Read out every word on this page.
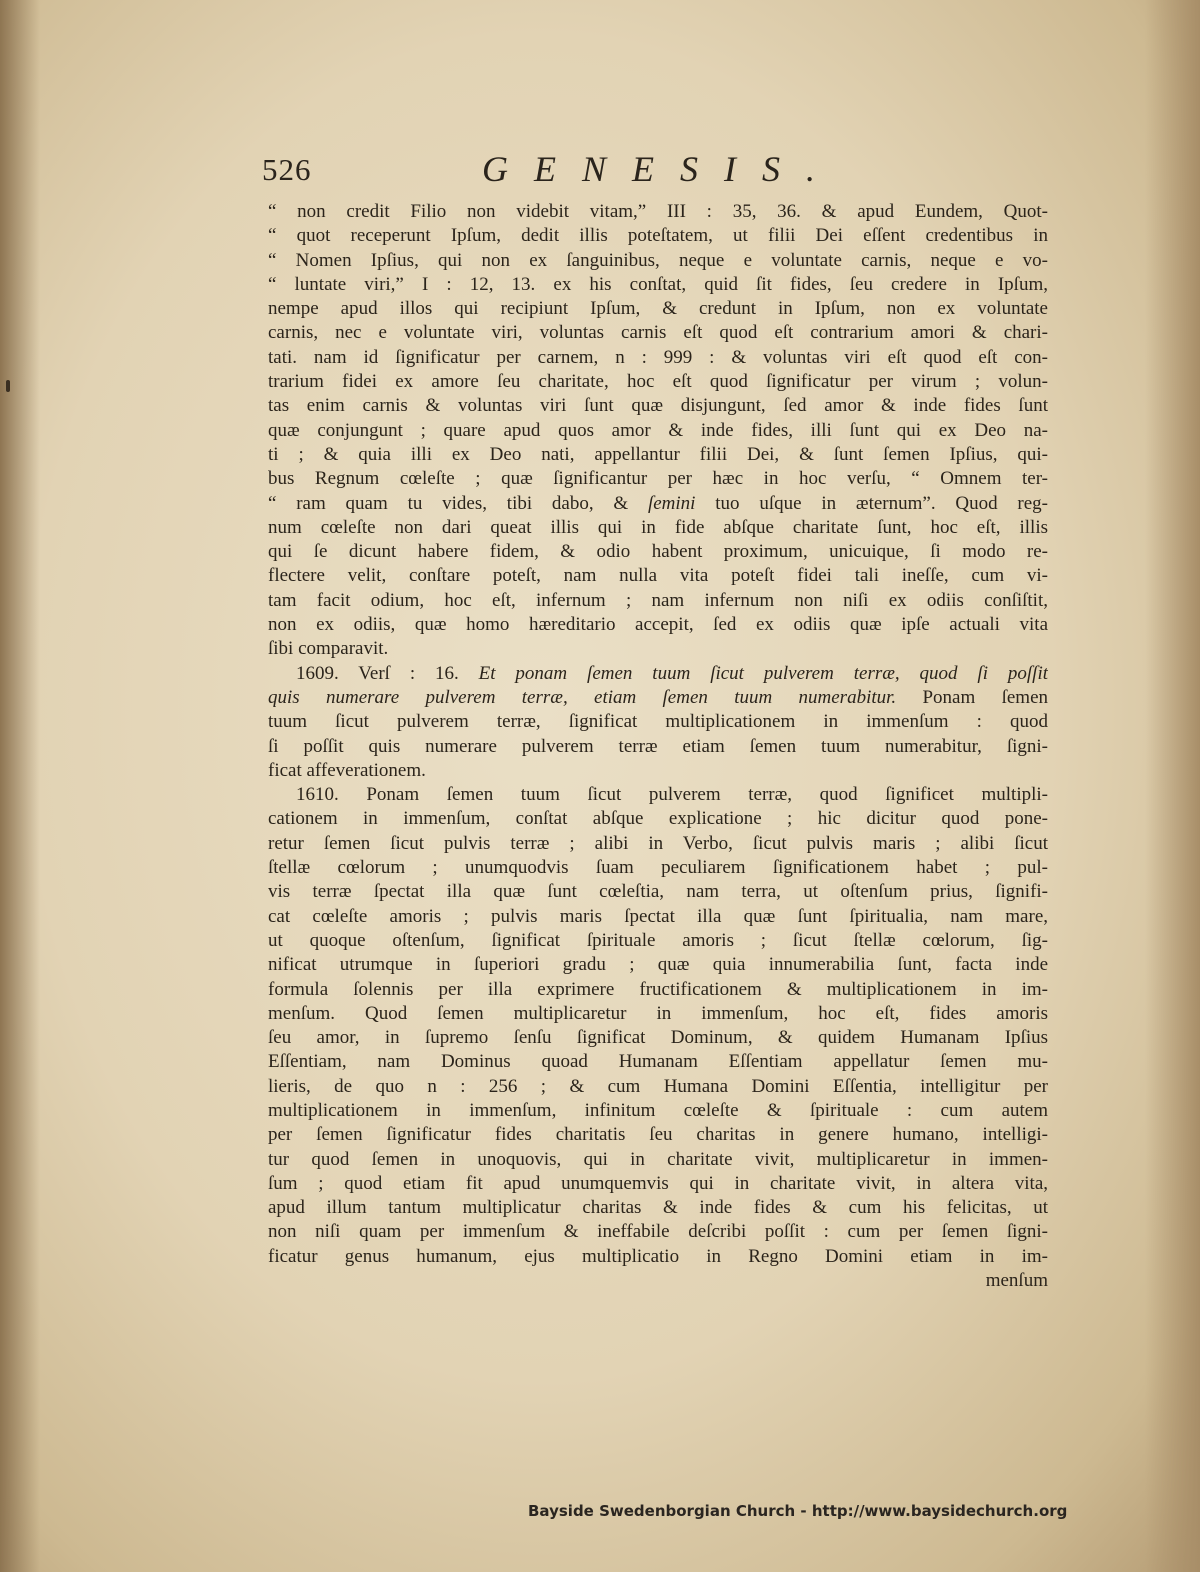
526	GENESIS.
“ non credit Filio non videbit vitam,” III : 35, 36. & apud Eundem, Quot-
“ quot receperunt Ipſum, dedit illis poteſtatem, ut filii Dei eſſent credentibus in
“ Nomen Ipſius, qui non ex ſanguinibus, neque e voluntate carnis, neque e vo-
“ luntate viri,” I : 12, 13. ex his conſtat, quid ſit fides, ſeu credere in Ipſum,
nempe apud illos qui recipiunt Ipſum, & credunt in Ipſum, non ex voluntate
carnis, nec e voluntate viri, voluntas carnis eſt quod eſt contrarium amori & chari-
tati. nam id ſignificatur per carnem, n : 999 : & voluntas viri eſt quod eſt con-
trarium fidei ex amore ſeu charitate, hoc eſt quod ſignificatur per virum ; volun-
tas enim carnis & voluntas viri ſunt quæ disjungunt, ſed amor & inde fides ſunt
quæ conjungunt ; quare apud quos amor & inde fides, illi ſunt qui ex Deo na-
ti ; & quia illi ex Deo nati, appellantur filii Dei, & ſunt ſemen Ipſius, qui-
bus Regnum cœleſte ; quæ ſignificantur per hæc in hoc verſu, “ Omnem ter-
“ ram quam tu vides, tibi dabo, & ſemini tuo uſque in æternum”. Quod reg-
num cœleſte non dari queat illis qui in fide abſque charitate ſunt, hoc eſt, illis
qui ſe dicunt habere fidem, & odio habent proximum, unicuique, ſi modo re-
flectere velit, conſtare poteſt, nam nulla vita poteſt fidei tali ineſſe, cum vi-
tam facit odium, hoc eſt, infernum ; nam infernum non niſi ex odiis conſiſtit,
non ex odiis, quæ homo hæreditario accepit, ſed ex odiis quæ ipſe actuali vita
ſibi comparavit.
1609. Verſ : 16. Et ponam ſemen tuum ſicut pulverem terræ, quod ſi poſſit
quis numerare pulverem terræ, etiam ſemen tuum numerabitur. Ponam ſemen
tuum ſicut pulverem terræ, ſignificat multiplicationem in immenſum : quod
ſi poſſit quis numerare pulverem terræ etiam ſemen tuum numerabitur, ſigni-
ficat affeverationem.
1610. Ponam ſemen tuum ſicut pulverem terræ, quod ſignificet multipli-
cationem in immenſum, conſtat abſque explicatione ; hic dicitur quod pone-
retur ſemen ſicut pulvis terræ ; alibi in Verbo, ſicut pulvis maris ; alibi ſicut
ſtellæ cœlorum ; unumquodvis ſuam peculiarem ſignificationem habet ; pul-
vis terræ ſpectat illa quæ ſunt cœleſtia, nam terra, ut oſtenſum prius, ſignifi-
cat cœleſte amoris ; pulvis maris ſpectat illa quæ ſunt ſpiritualia, nam mare,
ut quoque oſtenſum, ſignificat ſpirituale amoris ; ſicut ſtellæ cœlorum, ſig-
nificat utrumque in ſuperiori gradu ; quæ quia innumerabilia ſunt, facta inde
formula ſolennis per illa exprimere fructificationem & multiplicationem in im-
menſum. Quod ſemen multiplicaretur in immenſum, hoc eſt, fides amoris
ſeu amor, in ſupremo ſenſu ſignificat Dominum, & quidem Humanam Ipſius
Eſſentiam, nam Dominus quoad Humanam Eſſentiam appellatur ſemen mu-
lieris, de quo n : 256 ; & cum Humana Domini Eſſentia, intelligitur per
multiplicationem in immenſum, infinitum cœleſte & ſpirituale : cum autem
per ſemen ſignificatur fides charitatis ſeu charitas in genere humano, intelligi-
tur quod ſemen in unoquovis, qui in charitate vivit, multiplicaretur in immen-
ſum ; quod etiam fit apud unumquemvis qui in charitate vivit, in altera vita,
apud illum tantum multiplicatur charitas & inde fides & cum his felicitas, ut
non niſi quam per immenſum & ineffabile deſcribi poſſit : cum per ſemen ſigni-
ficatur genus humanum, ejus multiplicatio in Regno Domini etiam in im-
menſum
Bayside Swedenborgian Church - http://www.baysidechurch.org
